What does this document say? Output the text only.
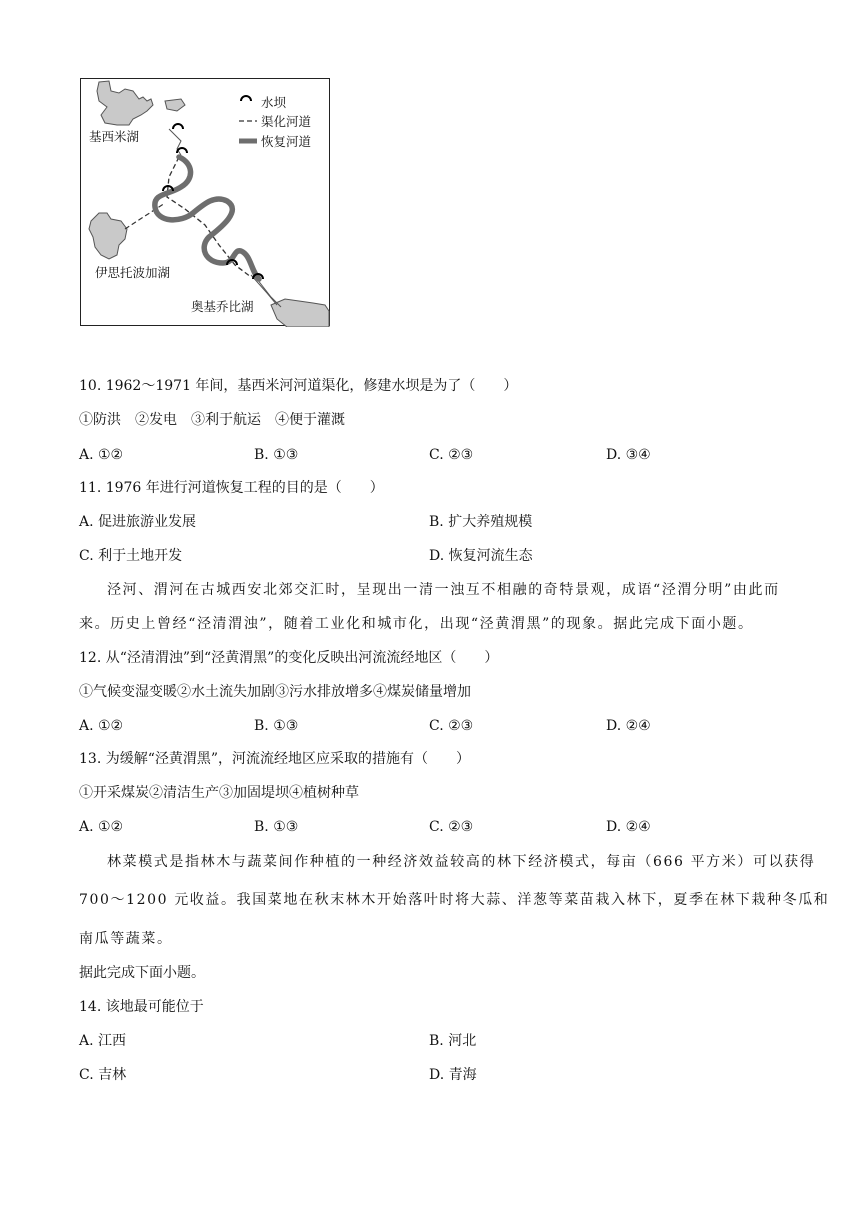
水坝
渠化河道
恢复河道
基西米湖
伊思托波加湖
奥基乔比湖
10. 1962～1971 年间，基西米河河道渠化，修建水坝是为了（　　）
①防洪　②发电　③利于航运　④便于灌溉
A. ①②	B. ①③	C. ②③	D. ③④
11. 1976 年进行河道恢复工程的目的是（　　）
A. 促进旅游业发展	B. 扩大养殖规模
C. 利于土地开发	D. 恢复河流生态
泾河、渭河在古城西安北郊交汇时，呈现出一清一浊互不相融的奇特景观，成语“泾渭分明”由此而
来。历史上曾经“泾清渭浊”，随着工业化和城市化，出现“泾黄渭黑”的现象。据此完成下面小题。
12. 从“泾清渭浊”到“泾黄渭黑”的变化反映出河流流经地区（　　）
①气候变湿变暖②水土流失加剧③污水排放增多④煤炭储量增加
A. ①②	B. ①③	C. ②③	D. ②④
13. 为缓解“泾黄渭黑”，河流流经地区应采取的措施有（　　）
①开采煤炭②清洁生产③加固堤坝④植树种草
A. ①②	B. ①③	C. ②③	D. ②④
林菜模式是指林木与蔬菜间作种植的一种经济效益较高的林下经济模式，每亩（666 平方米）可以获得
700～1200 元收益。我国菜地在秋末林木开始落叶时将大蒜、洋葱等菜苗栽入林下，夏季在林下栽种冬瓜和
南瓜等蔬菜。
据此完成下面小题。
14. 该地最可能位于
A. 江西	B. 河北
C. 吉林	D. 青海
